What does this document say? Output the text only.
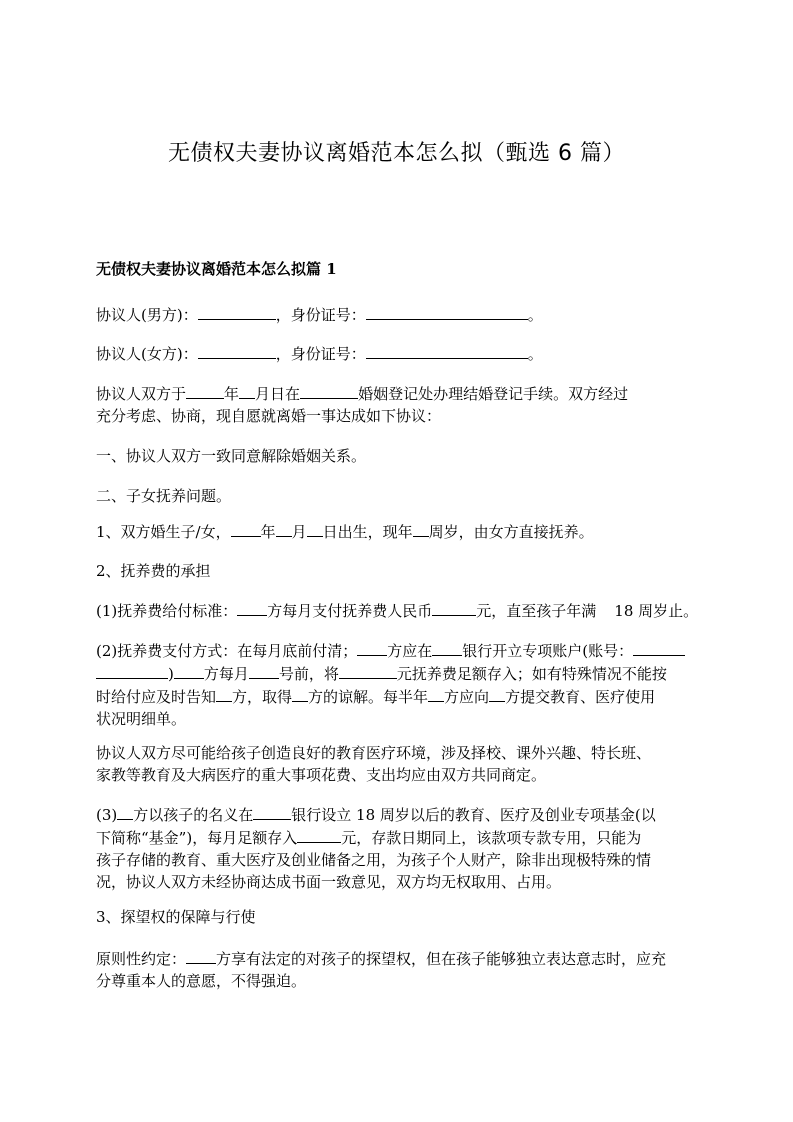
无债权夫妻协议离婚范本怎么拟（甄选 6 篇）
无债权夫妻协议离婚范本怎么拟篇 1
协议人(男方)：	，身份证号：	。
协议人(女方)：	，身份证号：	。
协议人双方于	年 月日在	婚姻登记处办理结婚登记手续。双方经过
充分考虑、协商，现自愿就离婚一事达成如下协议：
一、协议人双方一致同意解除婚姻关系。
二、子女抚养问题。
1、双方婚生子/女， 年 月 日出生，现年 周岁，由女方直接抚养。
2、抚养费的承担
(1)抚养费给付标准： 方每月支付抚养费人民币	元，直至孩子年满 18 周岁止。
(2)抚养费支付方式：在每月底前付清； 方应在 银行开立专项账户(账号：
) 方每月 号前，将	元抚养费足额存入；如有特殊情况不能按
时给付应及时告知 方，取得 方的谅解。每半年 方应向 方提交教育、医疗使用
状况明细单。
协议人双方尽可能给孩子创造良好的教育医疗环境，涉及择校、课外兴趣、特长班、
家教等教育及大病医疗的重大事项花费、支出均应由双方共同商定。
(3) 方以孩子的名义在	银行设立 18 周岁以后的教育、医疗及创业专项基金(以
下简称“基金”)，每月足额存入	元，存款日期同上，该款项专款专用，只能为
孩子存储的教育、重大医疗及创业储备之用，为孩子个人财产，除非出现极特殊的情
况，协议人双方未经协商达成书面一致意见，双方均无权取用、占用。
3、探望权的保障与行使
原则性约定： 方享有法定的对孩子的探望权，但在孩子能够独立表达意志时，应充
分尊重本人的意愿，不得强迫。
